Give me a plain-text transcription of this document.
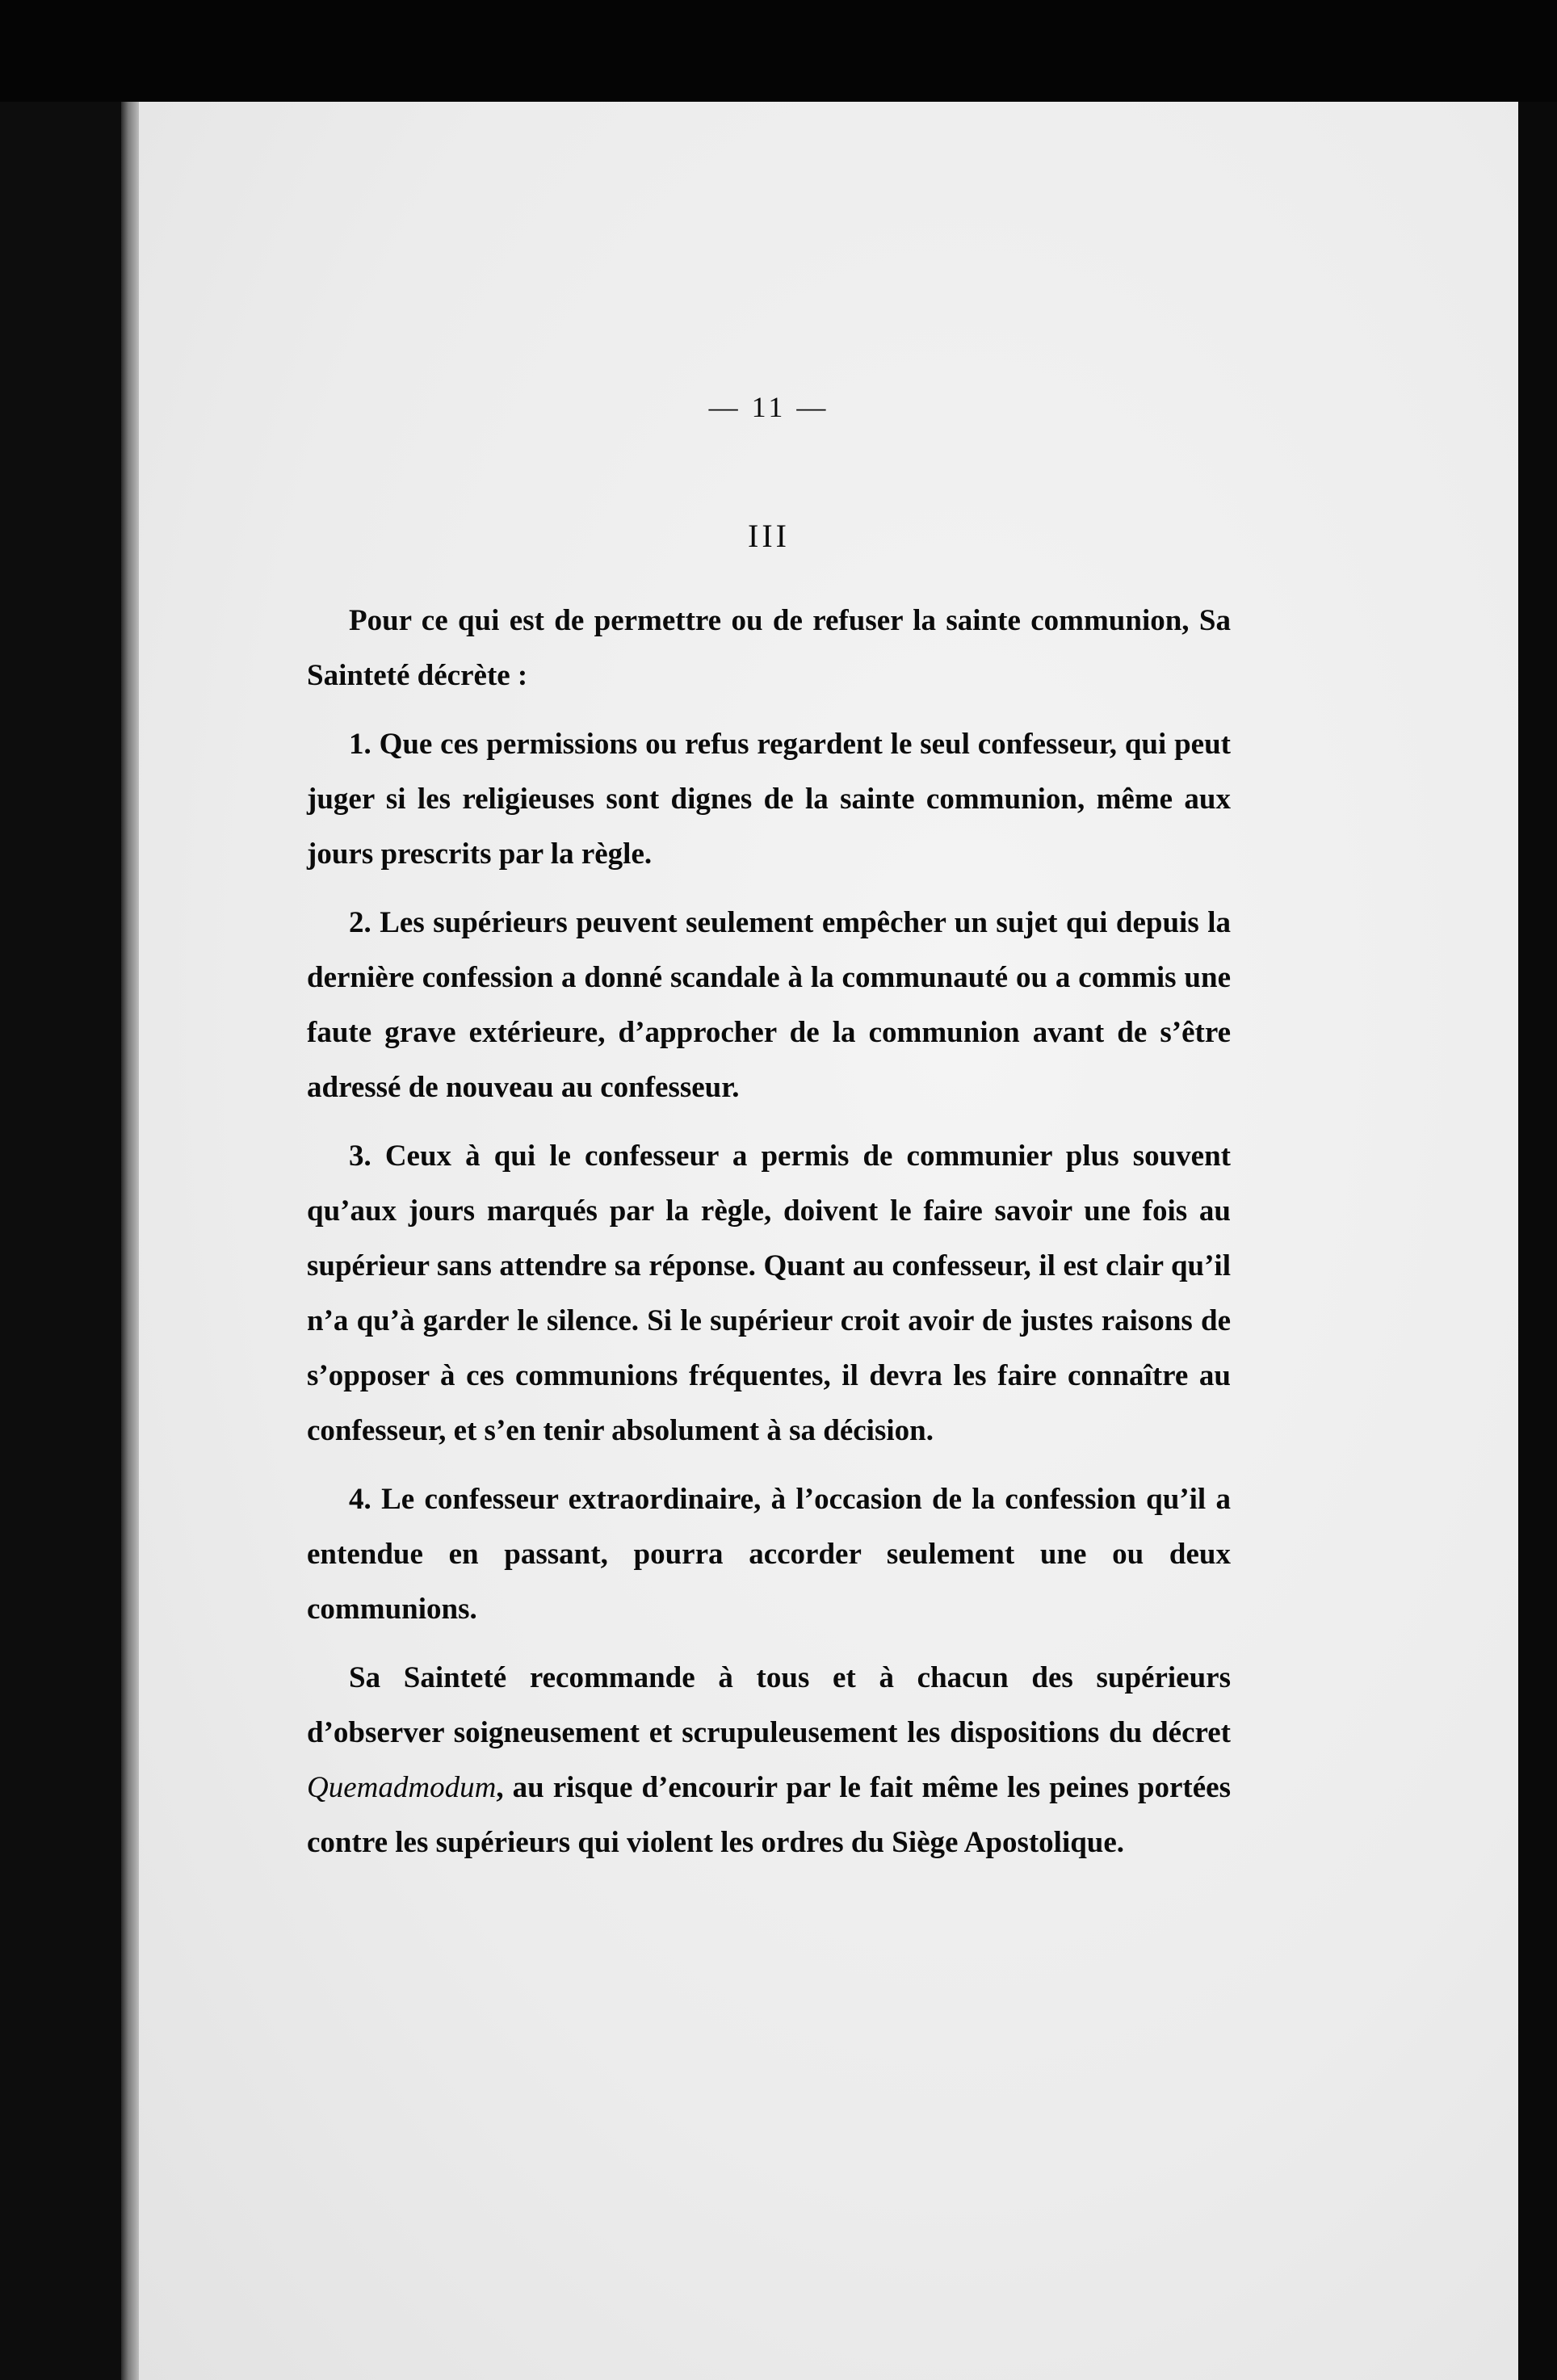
— 11 —
III

Pour ce qui est de permettre ou de refuser la sainte communion, Sa Sainteté décrète :

1. Que ces permissions ou refus regardent le seul confesseur, qui peut juger si les religieuses sont dignes de la sainte communion, même aux jours prescrits par la règle.

2. Les supérieurs peuvent seulement empêcher un sujet qui depuis la dernière confession a donné scandale à la communauté ou a commis une faute grave extérieure, d’approcher de la communion avant de s’être adressé de nouveau au confesseur.

3. Ceux à qui le confesseur a permis de communier plus souvent qu’aux jours marqués par la règle, doivent le faire savoir une fois au supérieur sans attendre sa réponse. Quant au confesseur, il est clair qu’il n’a qu’à garder le silence. Si le supérieur croit avoir de justes raisons de s’opposer à ces communions fréquentes, il devra les faire connaître au confesseur, et s’en tenir absolument à sa décision.

4. Le confesseur extraordinaire, à l’occasion de la confession qu’il a entendue en passant, pourra accorder seulement une ou deux communions.

Sa Sainteté recommande à tous et à chacun des supérieurs d’observer soigneusement et scrupuleusement les dispositions du décret Quemadmodum, au risque d’encourir par le fait même les peines portées contre les supérieurs qui violent les ordres du Siège Apostolique.
